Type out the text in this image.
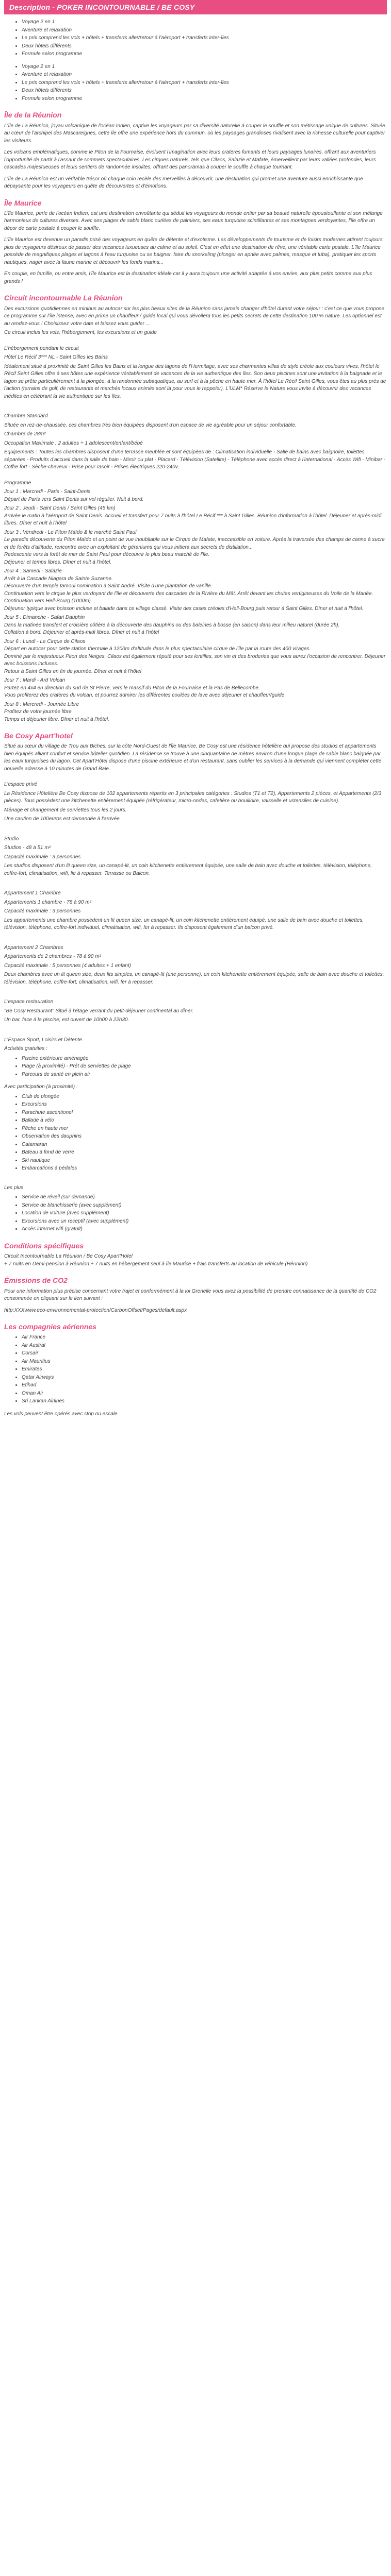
Description - POKER INCONTOURNABLE / BE COSY
• Voyage 2 en 1
• Aventure et relaxation
• Le prix comprend les vols + hôtels + transferts aller/retour à l'aéroport + transferts inter-îles
• Deux hôtels différents
• Formule selon programme
• Voyage 2 en 1
• Aventure et relaxation
• Le prix comprend les vols + hôtels + transferts aller/retour à l'aéroport + transferts inter-îles
• Deux hôtels différents
• Formule selon programme
Île de la Réunion

L'île de La Réunion, joyau volcanique de l'océan Indien, captive les voyageurs par sa diversité naturelle à couper le souffle et son métissage unique de cultures. Située au cœur de l'archipel des Mascareignes, cette île offre une expérience hors du commun, où les paysages grandioses rivalisent avec la richesse culturelle pour captiver les visiteurs.

Les volcans emblématiques, comme le Piton de la Fournaise, évoluent l'imagination avec leurs cratères fumants et leurs paysages lunaires, offrant aux aventuriers l'opportunité de partir à l'assaut de sommets spectaculaires. Les cirques naturels, tels que Cilaos, Salazie et Mafate, émerveillent par leurs vallées profondes, leurs cascades majestueuses et leurs sentiers de randonnée insolites, offrant des panoramas à couper le souffle à chaque tournant.

L'île de La Réunion est un véritable trésor où chaque coin recèle des merveilles à découvrir, une destination qui promet une aventure aussi enrichissante que dépaysante pour les voyageurs en quête de découvertes et d'émotions.

Île Maurice

L'île Maurice, perle de l'océan Indien, est une destination envoûtante qui séduit les voyageurs du monde entier par sa beauté naturelle époustouflante et son mélange harmonieux de cultures diverses. Avec ses plages de sable blanc ourlées de palmiers, ses eaux turquoise scintillantes et ses montagnes verdoyantes, l'île offre un décor de carte postale à couper le souffle.

L'île Maurice est devenue un paradis prisé des voyageurs en quête de détente et d'exotisme. Les développements de tourisme et de loisirs modernes attirent toujours plus de voyageurs désireux de passer des vacances luxueuses au calme et au soleil. C'est en effet une destination de rêve, une véritable carte postale. L'île Maurice possède de magnifiques plages et lagons à l'eau turquoise ou se baigner, faire du snorkeling (plonger en apnée avec palmes, masque et tuba), pratiquer les sports nautiques, nager avec la faune marine et découvrir les fonds marins...

En couple, en famille, ou entre amis, l'île Maurice est la destination idéale car il y aura toujours une activité adaptée à vos envies, aux plus petits comme aux plus grands !

Circuit incontournable La Réunion

Des excursions quotidiennes en minibus au autocar sur les plus beaux sites de la Réunion sans jamais changer d'hôtel durant votre séjour : c'est ce que vous propose ce programme sur l'île intense, avec en prime un chauffeur / guide local qui vous dévoilera tous les petits secrets de cette destination 100 % nature. Les optionnel est au rendez-vous ! Choisissez votre date et laissez vous guider ...

Ce circuit inclus les vols, l'hébergement, les excursions et un guide

L'hébergement pendant le circuit

Hôtel Le Récif 3*** NL - Saint Gilles les Bains

Idéalement situé à proximité de Saint Gilles les Bains et la longue des lagons de l'Hermitage, avec ses charmantes villas de style créole aux couleurs vives, l'hôtel le Récif Saint Gilles offre à ses hôtes une expérience véritablement de vacances de la vie authentique des îles. Son deux piscines sont une invitation à la baignade et le lagon se prête particulièrement à la plongée, à la randonnée subaquatique, au surf et à la pêche en haute mer. À l'hôtel Le Récif Saint Gilles, vous êtes au plus près de l'action (terrains de golf, de restaurants et marchés locaux animés sont là pour vous le rappeler). L'ULM* Réserve la Nature vous invite à découvrir des vacances inédites en célébrant la vie authentique sur les îles.

Chambre Standard

Située en rez-de-chaussée, ces chambres très bien équipées disposent d'un espace de vie agréable pour un séjour confortable.

Chambre de 28m²

Occupation Maximale : 2 adultes + 1 adolescent/enfant/bébé

Équipements : Toutes les chambres disposent d'une terrasse meublée et sont équipées de : Climatisation individuelle - Salle de bains avec baignoire, toilettes séparées - Produits d'accueil dans la salle de bain - Miroir ou plat - Placard - Télévision (Satellite) - Téléphone avec accès direct à l'international - Accès Wifi - Minibar - Coffre fort - Sèche-cheveux - Prise pour rasoir - Prises électriques 220-240v.

Programme

Jour 1 : Marcredi - Paris - Saint-Denis
Départ de Paris vers Saint Denis sur vol régulier. Nuit à bord.

Jour 2 : Jeudi - Saint Denis / Saint Gilles (45 km)
Arrivée le matin à l'aéroport de Saint Denis. Accueil et transfert pour 7 nuits à l'hôtel Le Récif *** à Saint Gilles. Réunion d'information à l'hôtel. Déjeuner et après-midi libres. Dîner et nuit à l'hôtel

Jour 3 : Vendredi - Le Piton Maïdo & le marché Saint Paul
Le paradis découverte du Piton Maïdo et un point de vue inoubliable sur le Cirque de Mafate, inaccessible en voiture. Après la traversée des champs de canne à sucre et de forêts d'altitude, rencontre avec un exploitant de géraniums qui vous initiera aux secrets de distillation...
Redescente vers la forêt de mer de Saint Paul pour découvrir le plus beau marché de l'île.
Déjeuner et temps libres. Dîner et nuit à l'hôtel.

Jour 4 : Samedi - Salazie
Arrêt à la Cascade Niagara de Sainte Suzanne.
Découverte d'un temple tamoul nomination à Saint André. Visite d'une plantation de vanille.
Continuation vers le cirque le plus verdoyant de l'île et découverte des cascades de la Rivière du Mât. Arrêt devant les chutes vertigineuses du Voile de la Mariée.
Continuation vers Hell-Bourg (1000m).
Déjeuner typique avec boisson incluse et balade dans ce village classé. Visite des cases créoles d'Hell-Bourg puis retour à Saint Gilles. Dîner et nuit à l'hôtel.

Jour 5 : Dimanche - Safari Dauphin
Dans la matinée transfert et croisière côtière à la découverte des dauphins ou des baleines à bosse (en saison) dans leur milieu naturel (durée 2h).
Collation à bord. Déjeuner et après-midi libres. Dîner et nuit à l'hôtel

Jour 6 : Lundi - Le Cirque de Cilaos
Départ en autocar pour cette station thermale à 1200m d'altitude dans le plus spectaculaire cirque de l'île par la route des 400 virages.
Dominé par le majestueux Piton des Neiges, Cilaos est également réputé pour ses lentilles, son vin et des broderies que vous aurez l'occasion de rencontrer. Déjeuner avec boissons incluses.
Retour à Saint Gilles en fin de journée. Dîner et nuit à l'hôtel

Jour 7 : Mardi - Ard Volcan
Partez en 4x4 en direction du sud de St Pierre, vers le massif du Piton de la Fournaise et la Pas de Bellecombe.
Vous profiterez des cratères du volcan, et pourrez admirer les différentes coulées de lave avec déjeuner et chauffeur/guide

Jour 8 : Mercredi - Journée Libre
Profitez de votre journée libre
Temps et déjeuner libre. Dîner et nuit à l'hôtel.

Be Cosy Apart'hotel

Situé au cœur du village de Trou aux Biches, sur la côte Nord-Ouest de l'Île Maurice, Be Cosy est une résidence hôtelière qui propose des studios et appartements bien équipés alliant confort et service hôtelier quotidien. La résidence se trouve à une cinquantaine de mètres environ d'une longue plage de sable blanc baignée par les eaux turquoises du lagon. Cet Apart'Hôtel dispose d'une piscine extérieure et d'un restaurant, sans oublier les services à la demande qui viennent compléter cette nouvelle adresse à 10 minutes de Grand Baie.

L'espace privé

La Résidence Hôtelière Be Cosy dispose de 102 appartements répartis en 3 principales catégories : Studios (T1 et T2), Appartements 2 pièces, et Appartements (2/3 pièces). Tous possèdent une kitchenette entièrement équipée (réfrigérateur, micro-ondes, cafetière ou bouilloire, vaisselle et ustensiles de cuisine).

Ménage et changement de serviettes tous les 2 jours.

Une caution de 100euros est demandée à l'arrivée.

Studio

Studios - 48 à 51 m²

Capacité maximale : 3 personnes

Les studios disposent d'un lit queen size, un canapé-lit, un coin kitchenette entièrement équipée, une salle de bain avec douche et toilettes, télévision, téléphone, coffre-fort, climatisation, wifi, lie à repasser. Terrasse ou Balcon.

Appartement 1 Chambre

Appartements 1 chambre - 78 à 90 m²

Capacité maximale : 3 personnes

Les appartements une chambre possèdent un lit queen size, un canapé-lit, un coin kitchenette entièrement équipé, une salle de bain avec douche et toilettes, télévision, téléphone, coffre-fort individuel, climatisation, wifi, fer à repasser. Ils disposent également d'un balcon privé.

Appartement 2 Chambres

Appartements de 2 chambres - 78 à 90 m²

Capacité maximale : 5 personnes (4 adultes + 1 enfant)

Deux chambres avec un lit queen size, deux lits simples, un canapé-lit (une personne), un coin kitchenette entièrement équipée, salle de bain avec douche et toilettes, télévision, téléphone, coffre-fort, climatisation, wifi, fer à repasser.

L'espace restauration

"Be Cosy Restaurant" Situé à l'étage verrant du petit-déjeuner continental au dîner.

Un bar, face à la piscine, est ouvert de 10h00 à 22h30.

L'Espace Sport, Loisirs et Détente

Activités gratuites :

• Piscine extérieure aménagée
• Plage (à proximité) - Prêt de serviettes de plage
• Parcours de santé en plein air

Avec participation (à proximité) :

• Club de plongée
• Excursions
• Parachute ascentionel
• Ballade à vélo
• Pêche en haute mer
• Observation des dauphins
• Catamaran
• Bateau à fond de verre
• Ski nautique
• Embarcations à pédales

Les plus

• Service de réveil (sur demande)
• Service de blanchisserie (avec supplément)
• Location de voiture (avec supplément)
• Excursions avec un receptif (avec supplément)
• Accès internet wifi (gratuit)
Conditions spécifiques

Circuit Incontournable La Réunion / Be Cosy Apart'Hotel
+ 7 nuits en Demi-pension à Réunion + 7 nuits en hébergement seul à île Maurice + frais transferts au location de véhicule (Réunion)

Émissions de CO2

Pour une information plus précise concernant votre trajet et conformément à la loi Grenelle vous avez la possibilité de prendre connaissance de la quantité de CO2 consommée en cliquant sur le lien suivant :

http:XXXwww.eco-environnemental-protection/CarbonOffset/Pages/default.aspx

Les compagnies aériennes
• Air France
• Air Austral
• Corsair
• Air Mauritius
• Emirates
• Qatar Airways
• Etihad
• Oman Air
• Sri Lankan Airlines

Les vols peuvent être opérés avec stop ou escale
